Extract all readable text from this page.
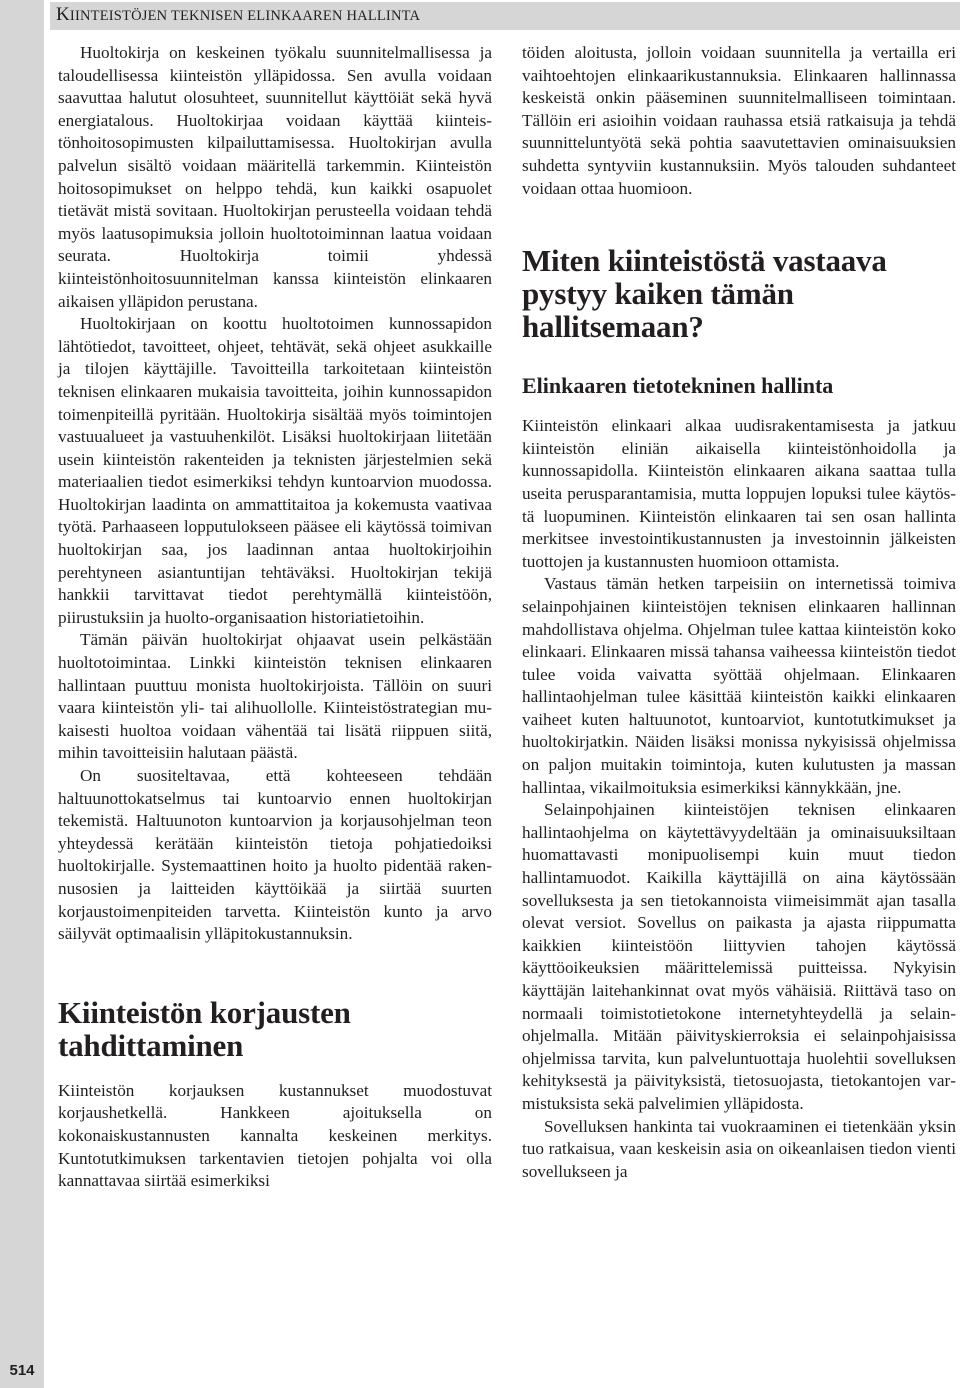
514
KIINTEISTÖJEN TEKNISEN ELINKAAREN HALLINTA

Huoltokirja on keskeinen työkalu suunnitelmallisessa ja taloudellisessa kiinteistön ylläpidossa. Sen avulla voidaan saavuttaa halutut olosuhteet, suunnitellut käyttöiät sekä hyvä energiatalous. Huoltokirjaa voidaan käyttää kiinteistönhoitosopimusten kilpailuttamisessa. Huoltokirjan avulla palvelun sisältö voidaan määritellä tarkemmin. Kiinteistön hoitosopimukset on helppo tehdä, kun kaikki osapuolet tietävät mistä sovitaan. Huoltokirjan perusteella voidaan tehdä myös laatusopimuksia jolloin huoltotoiminnan laatua voidaan seurata. Huoltokirja toimii yhdessä kiinteistönhoitosuunnitelman kanssa kiinteistön elinkaaren aikaisen ylläpidon perustana.

Huoltokirjaan on koottu huoltotoimen kunnossapidon lähtötiedot, tavoitteet, ohjeet, tehtävät, sekä ohjeet asukkaille ja tilojen käyttäjille. Tavoitteilla tarkoitetaan kiinteistön teknisen elinkaaren mukaisia tavoitteita, joihin kunnossapidon toimenpiteillä pyritään. Huoltokirja sisältää myös toimintojen vastuualueet ja vastuuhenkilöt. Lisäksi huoltokirjaan liitetään usein kiinteistön rakenteiden ja teknisten järjestelmien sekä materiaalien tiedot esimerkiksi tehdyn kuntoarvion muodossa. Huoltokirjan laadinta on ammattitaitoa ja kokemusta vaativaa työtä. Parhaaseen lopputulokseen pääsee eli käytössä toimivan huoltokirjan saa, jos laadinnan antaa huoltokirjoihin perehtyneen asiantuntijan tehtäväksi. Huoltokirjan tekijä hankkii tarvittavat tiedot perehtymällä kiinteistöön, piirustuksiin ja huolto-organisaation historiatietoihin.

Tämän päivän huoltokirjat ohjaavat usein pelkästään huoltotoimintaa. Linkki kiinteistön teknisen elinkaaren hallintaan puuttuu monista huoltokirjoista. Tällöin on suuri vaara kiinteistön yli- tai alihuollolle. Kiinteistöstrategian mukaisesti huoltoa voidaan vähentää tai lisätä riippuen siitä, mihin tavoitteisiin halutaan päästä.

On suositeltavaa, että kohteeseen tehdään haltuunottokatselmus tai kuntoarvio ennen huoltokirjan tekemistä. Haltuunoton kuntoarvion ja korjausohjelman teon yhteydessä kerätään kiinteistön tietoja pohjatiedoiksi huoltokirjalle. Systemaattinen hoito ja huolto pidentää rakennusosien ja laitteiden käyttöikää ja siirtää suurten korjaustoimenpiteiden tarvetta. Kiinteistön kunto ja arvo säilyvät optimaalisin ylläpitokustannuksin.

Kiinteistön korjausten tahdittaminen

Kiinteistön korjauksen kustannukset muodostuvat korjaushetkellä. Hankkeen ajoituksella on kokonaiskustannusten kannalta keskeinen merkitys. Kuntotutkimuksen tarkentavien tietojen pohjalta voi olla kannattavaa siirtää esimerkiksi

töiden aloitusta, jolloin voidaan suunnitella ja vertailla eri vaihtoehtojen elinkaarikustannuksia. Elinkaaren hallinnassa keskeistä onkin pääseminen suunnitelmalliseen toimintaan. Tällöin eri asioihin voidaan rauhassa etsiä ratkaisuja ja tehdä suunnitteluntyötä sekä pohtia saavutettavien ominaisuuksien suhdetta syntyviin kustannuksiin. Myös talouden suhdanteet voidaan ottaa huomioon.

Miten kiinteistöstä vastaava pystyy kaiken tämän hallitsemaan?
Elinkaaren tietotekninen hallinta

Kiinteistön elinkaari alkaa uudisrakentamisesta ja jatkuu kiinteistön eliniän aikaisella kiinteistönhoidolla ja kunnossapidolla. Kiinteistön elinkaaren aikana saattaa tulla useita perusparantamisia, mutta loppujen lopuksi tulee käytöstä luopuminen. Kiinteistön elinkaaren tai sen osan hallinta merkitsee investointikustannusten ja investoinnin jälkeisten tuottojen ja kustannusten huomioon ottamista.

Vastaus tämän hetken tarpeisiin on internetissä toimiva selainpohjainen kiinteistöjen teknisen elinkaaren hallinnan mahdollistava ohjelma. Ohjelman tulee kattaa kiinteistön koko elinkaari. Elinkaaren missä tahansa vaiheessa kiinteistön tiedot tulee voida vaivatta syöttää ohjelmaan. Elinkaaren hallintaohjelman tulee käsittää kiinteistön kaikki elinkaaren vaiheet kuten haltuunotot, kuntoarviot, kuntotutkimukset ja huoltokirjatkin. Näiden lisäksi monissa nykyisissä ohjelmissa on paljon muitakin toimintoja, kuten kulutusten ja massan hallintaa, vikailmoituksia esimerkiksi kännykkään, jne.

Selainpohjainen kiinteistöjen teknisen elinkaaren hallintaohjelma on käytettävyydeltään ja ominaisuuksiltaan huomattavasti monipuolisempi kuin muut tiedon hallintamuodot. Kaikilla käyttäjillä on aina käytössään sovelluksesta ja sen tietokannoista viimeisimmät ajan tasalla olevat versiot. Sovellus on paikasta ja ajasta riippumatta kaikkien kiinteistöön liittyvien tahojen käytössä käyttöoikeuksien määrittelemissä puitteissa. Nykyisin käyttäjän laitehankinnat ovat myös vähäisiä. Riittävä taso on normaali toimistotietokone internetyhteydellä ja selainohjelmalla. Mitään päivityskierroksia ei selainpohjaisissa ohjelmissa tarvita, kun palveluntuottaja huolehtii sovelluksen kehityksestä ja päivityksistä, tietosuojasta, tietokantojen varmistuksista sekä palvelimien ylläpidosta.

Sovelluksen hankinta tai vuokraaminen ei tietenkään yksin tuo ratkaisua, vaan keskeisin asia on oikeanlaisen tiedon vienti sovellukseen ja
